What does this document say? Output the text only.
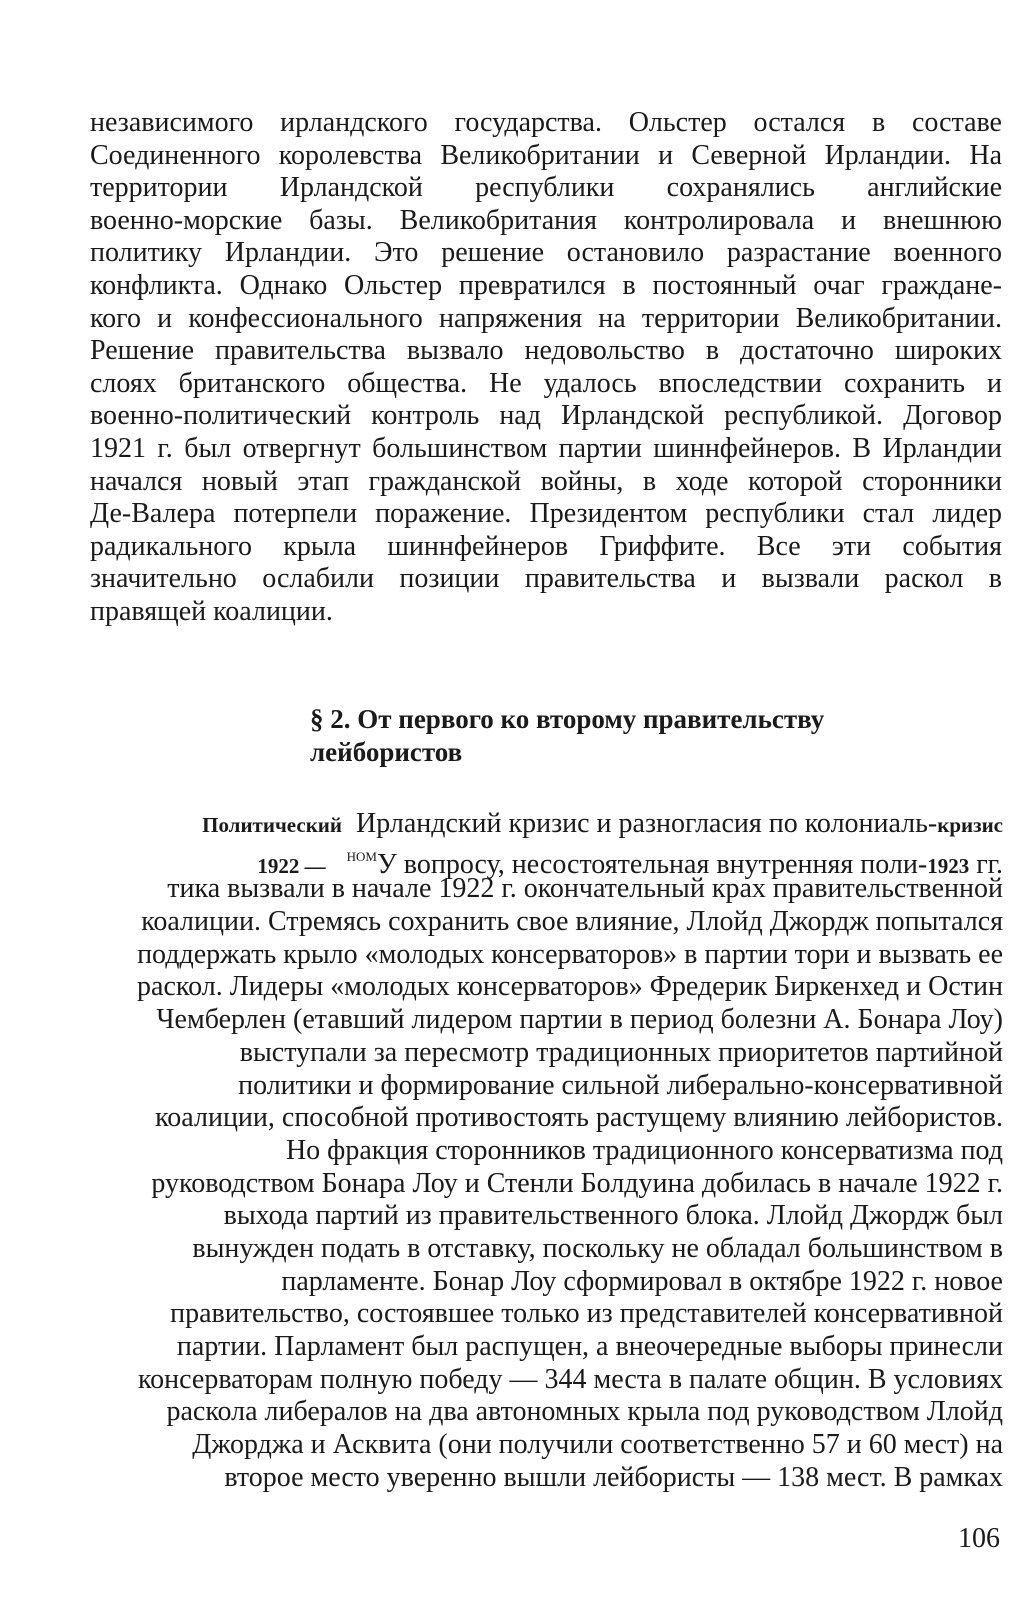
независимого ирландского государства. Ольстер остался в составе
Соединенного королевства Великобритании и Северной Ирландии. На
территории Ирландской республики сохранялись английские
военно-морские базы. Великобритания контролировала и внешнюю
политику Ирландии. Это решение остановило разрастание военного
конфликта. Однако Ольстер превратился в постоянный очаг граждане-
кого и конфессионального напряжения на территории Великобритании.
Решение правительства вызвало недовольство в достаточно широких
слоях британского общества. Не удалось впоследствии сохранить и
военно-политический контроль над Ирландской республикой. Договор
1921 г. был отвергнут большинством партии шиннфейнеров. В Ирландии
начался новый этап гражданской войны, в ходе которой сторонники
Де-Валера потерпели поражение. Президентом республики стал лидер
радикального крыла шиннфейнеров Гриффите. Все эти события
значительно ослабили позиции правительства и вызвали раскол в
правящей коалиции.
§ 2. От первого ко второму правительству
лейбористов
Политический Ирландский кризис и разногласия по колониаль-кризис
1922 — $^{НОМ}$У вопросу, несостоятельная внутренняя поли-1923 гг.
тика вызвали в начале 1922 г. окончательный крах правительственной
коалиции. Стремясь сохранить свое влияние, Ллойд Джордж попытался
поддержать крыло «молодых консерваторов» в партии тори и вызвать ее
раскол. Лидеры «молодых консерваторов» Фредерик Биркенхед и Остин
Чемберлен (етавший лидером партии в период болезни А. Бонара Лоу)
выступали за пересмотр традиционных приоритетов партийной
политики и формирование сильной либерально-консервативной
коалиции, способной противостоять растущему влиянию лейбористов.
Но фракция сторонников традиционного консерватизма под
руководством Бонара Лоу и Стенли Болдуина добилась в начале 1922 г.
выхода партий из правительственного блока. Ллойд Джордж был
вынужден подать в отставку, поскольку не обладал большинством в
парламенте. Бонар Лоу сформировал в октябре 1922 г. новое
правительство, состоявшее только из представителей консервативной
партии. Парламент был распущен, а внеочередные выборы принесли
консерваторам полную победу — 344 места в палате общин. В условиях
раскола либералов на два автономных крыла под руководством Ллойд
Джорджа и Асквита (они получили соответственно 57 и 60 мест) на
второе место уверенно вышли лейбористы — 138 мест. В рамках
106
